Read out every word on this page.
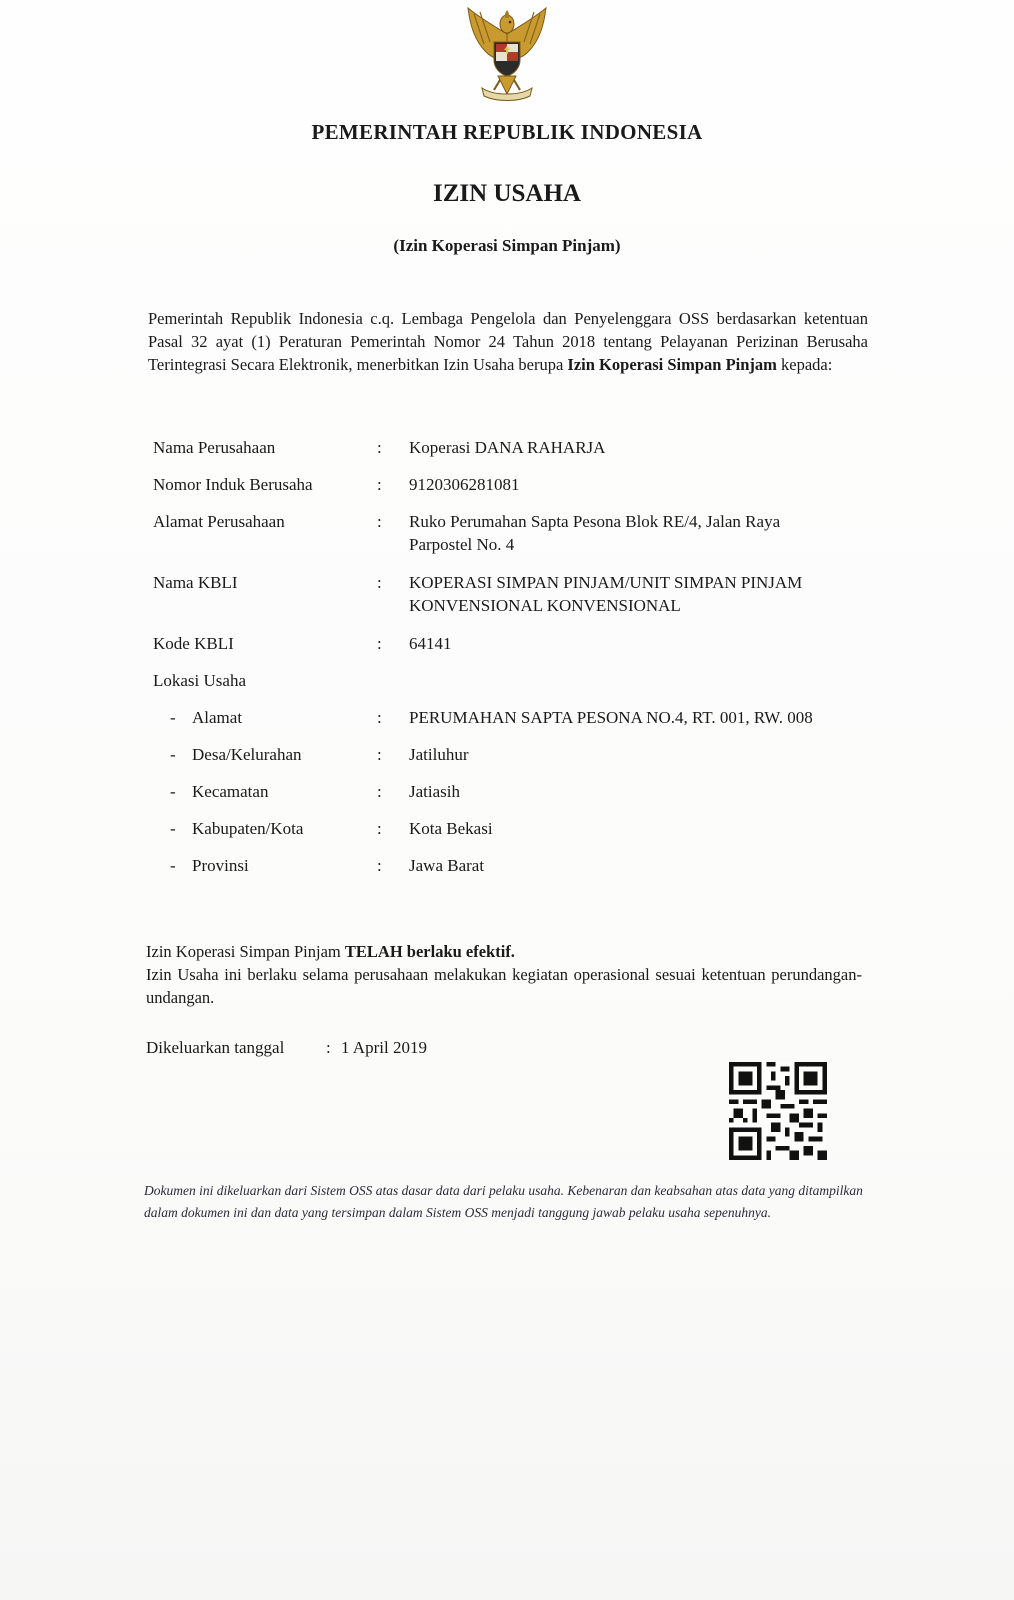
PEMERINTAH REPUBLIK INDONESIA
IZIN USAHA
(Izin Koperasi Simpan Pinjam)
Pemerintah Republik Indonesia c.q. Lembaga Pengelola dan Penyelenggara OSS berdasarkan ketentuan Pasal 32 ayat (1) Peraturan Pemerintah Nomor 24 Tahun 2018 tentang Pelayanan Perizinan Berusaha Terintegrasi Secara Elektronik, menerbitkan Izin Usaha berupa Izin Koperasi Simpan Pinjam kepada:
Nama Perusahaan	:	Koperasi DANA RAHARJA
Nomor Induk Berusaha	:	9120306281081
Alamat Perusahaan	:	Ruko Perumahan Sapta Pesona Blok RE/4, Jalan Raya Parpostel No. 4
Nama KBLI	:	KOPERASI SIMPAN PINJAM/UNIT SIMPAN PINJAM KONVENSIONAL KONVENSIONAL
Kode KBLI	:	64141
Lokasi Usaha
- Alamat	:	PERUMAHAN SAPTA PESONA NO.4, RT. 001, RW. 008
- Desa/Kelurahan	:	Jatiluhur
- Kecamatan	:	Jatiasih
- Kabupaten/Kota	:	Kota Bekasi
- Provinsi	:	Jawa Barat
Izin Koperasi Simpan Pinjam TELAH berlaku efektif.
Izin Usaha ini berlaku selama perusahaan melakukan kegiatan operasional sesuai ketentuan perundangan-undangan.
Dikeluarkan tanggal : 1 April 2019
Dokumen ini dikeluarkan dari Sistem OSS atas dasar data dari pelaku usaha. Kebenaran dan keabsahan atas data yang ditampilkan dalam dokumen ini dan data yang tersimpan dalam Sistem OSS menjadi tanggung jawab pelaku usaha sepenuhnya.
